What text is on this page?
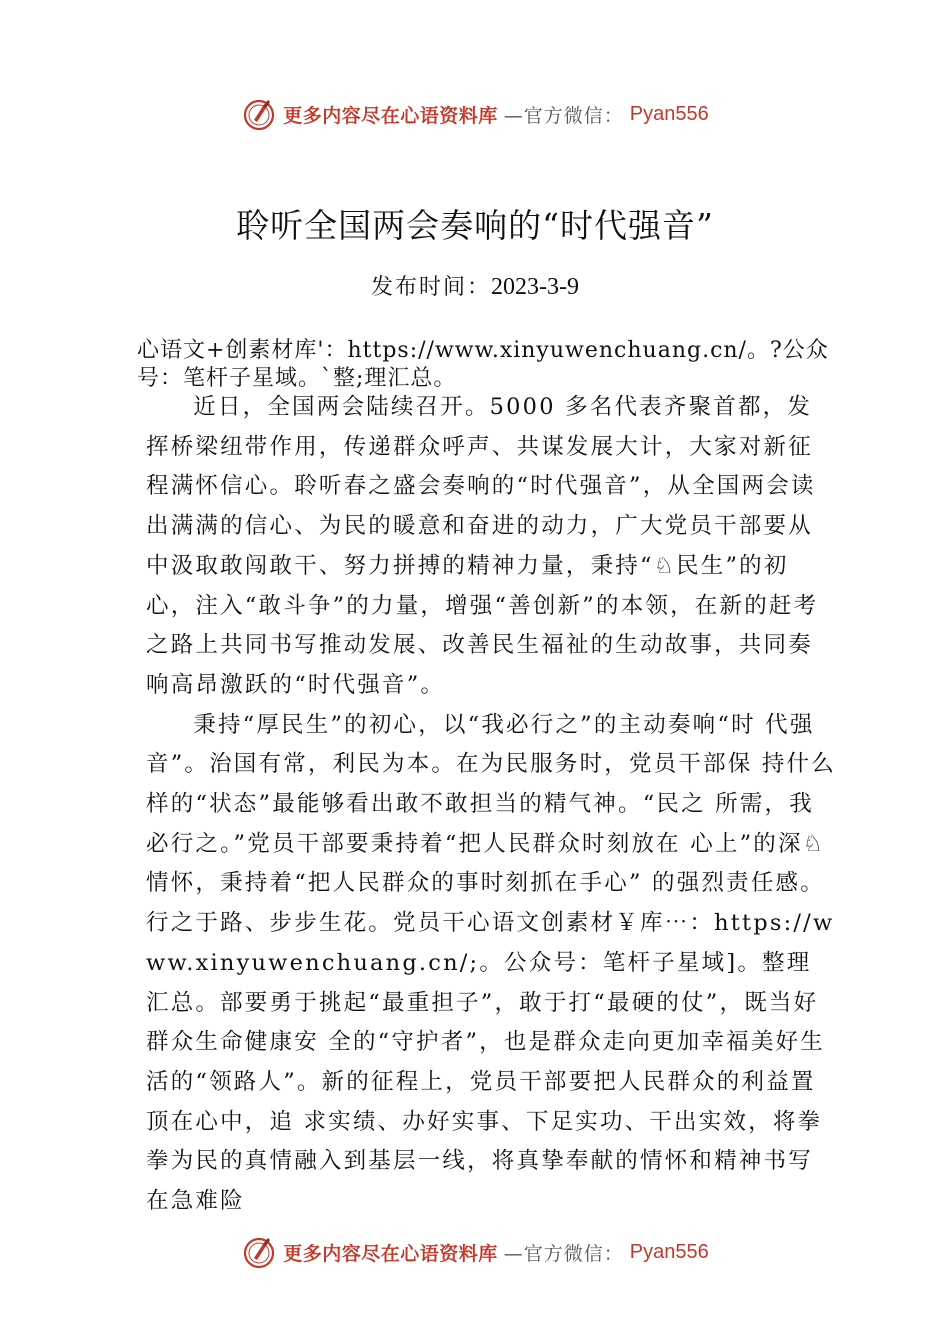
更多内容尽在心语资料库 —官方微信： Pyan556
聆听全国两会奏响的“时代强音”
发布时间：2023-3-9

心语文+创素材库'：https://www.xinyuwenchuang.cn/。?公众号：笔杆子星域。`整;理汇总。

近日，全国两会陆续召开。5000 多名代表齐聚首都，发挥桥梁纽带作用，传递群众呼声、共谋发展大计，大家对新征程满怀信心。聆听春之盛会奏响的“时代强音”，从全国两会读出满满的信心、为民的暖意和奋进的动力，广大党员干部要从中汲取敢闯敢干、努力拼搏的精神力量，秉持“♘民生”的初心，注入“敢斗争”的力量，增强“善创新”的本领，在新的赶考之路上共同书写推动发展、改善民生福祉的生动故事，共同奏响高昂激跃的“时代强音”。

秉持“厚民生”的初心，以“我必行之”的主动奏响“时 代强音”。治国有常，利民为本。在为民服务时，党员干部保 持什么样的“状态”最能够看出敢不敢担当的精气神。“民之 所需，我必行之。”党员干部要秉持着“把人民群众时刻放在 心上”的深♘情怀，秉持着“把人民群众的事时刻抓在手心” 的强烈责任感。行之于路、步步生花。党员干心语文创素材￥库⋯：https://www.xinyuwenchuang.cn/;。公众号：笔杆子星域]。整理汇总。部要勇于挑起“最重担子”，敢于打“最硬的仗”，既当好群众生命健康安 全的“守护者”，也是群众走向更加幸福美好生活的“领路人”。新的征程上，党员干部要把人民群众的利益置顶在心中，追 求实绩、办好实事、下足实功、干出实效，将拳拳为民的真情融入到基层一线，将真挚奉献的情怀和精神书写在急难险

更多内容尽在心语资料库 —官方微信： Pyan556
